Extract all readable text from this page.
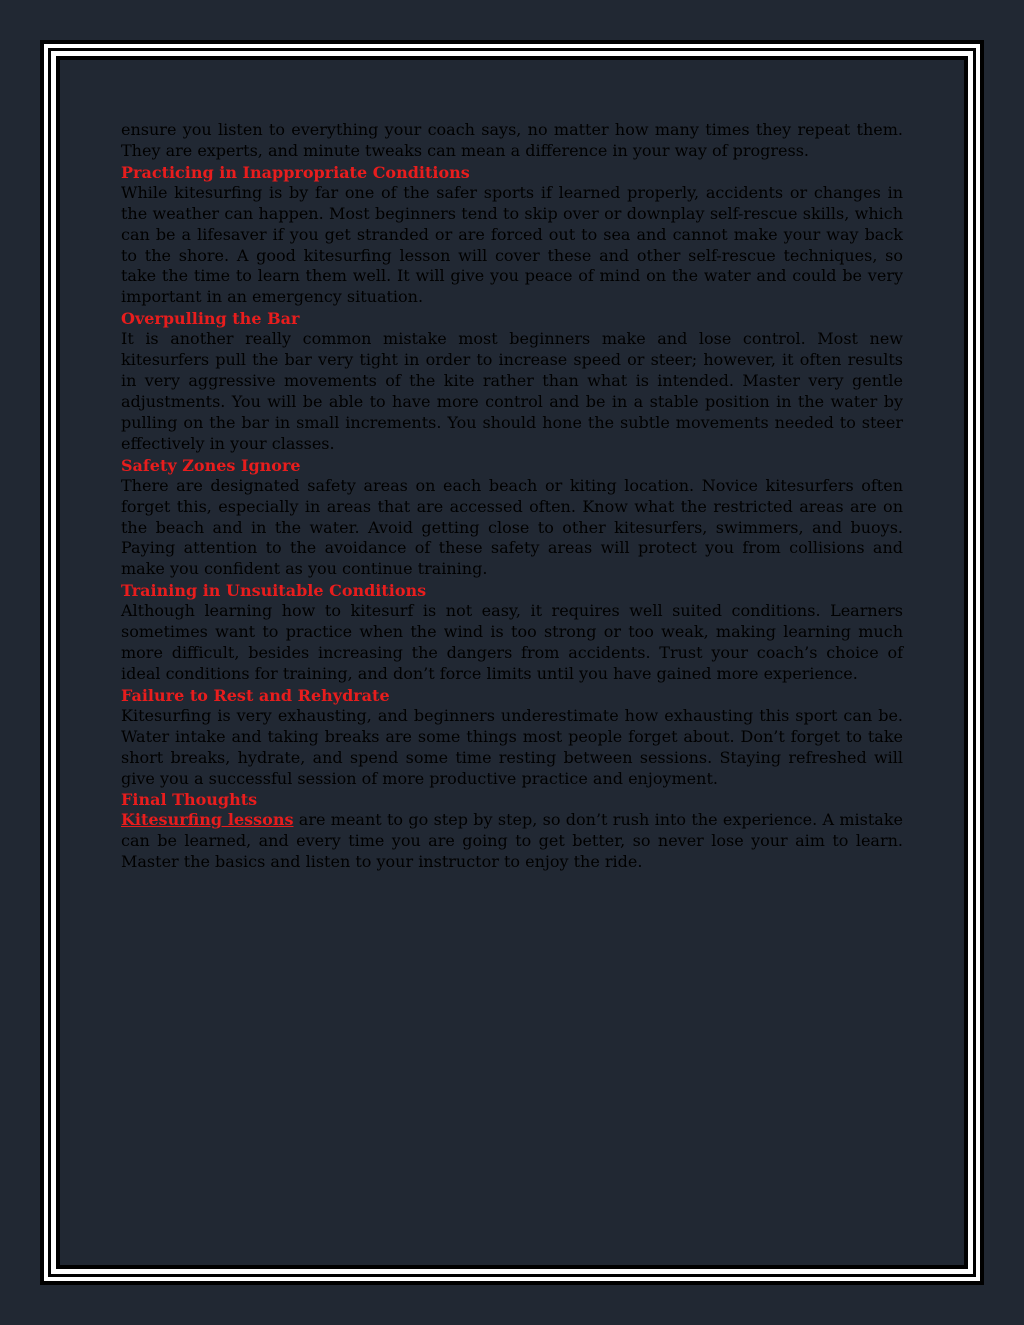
ensure you listen to everything your coach says, no matter how many times they repeat them. They are experts, and minute tweaks can mean a difference in your way of progress.

Practicing in Inappropriate Conditions

While kitesurfing is by far one of the safer sports if learned properly, accidents or changes in the weather can happen. Most beginners tend to skip over or downplay self-rescue skills, which can be a lifesaver if you get stranded or are forced out to sea and cannot make your way back to the shore. A good kitesurfing lesson will cover these and other self-rescue techniques, so take the time to learn them well. It will give you peace of mind on the water and could be very important in an emergency situation.

Overpulling the Bar

It is another really common mistake most beginners make and lose control. Most new kitesurfers pull the bar very tight in order to increase speed or steer; however, it often results in very aggressive movements of the kite rather than what is intended. Master very gentle adjustments. You will be able to have more control and be in a stable position in the water by pulling on the bar in small increments. You should hone the subtle movements needed to steer effectively in your classes.

Safety Zones Ignore

There are designated safety areas on each beach or kiting location. Novice kitesurfers often forget this, especially in areas that are accessed often. Know what the restricted areas are on the beach and in the water. Avoid getting close to other kitesurfers, swimmers, and buoys. Paying attention to the avoidance of these safety areas will protect you from collisions and make you confident as you continue training.

Training in Unsuitable Conditions

Although learning how to kitesurf is not easy, it requires well suited conditions. Learners sometimes want to practice when the wind is too strong or too weak, making learning much more difficult, besides increasing the dangers from accidents. Trust your coach’s choice of ideal conditions for training, and don’t force limits until you have gained more experience.

Failure to Rest and Rehydrate

Kitesurfing is very exhausting, and beginners underestimate how exhausting this sport can be. Water intake and taking breaks are some things most people forget about. Don’t forget to take short breaks, hydrate, and spend some time resting between sessions. Staying refreshed will give you a successful session of more productive practice and enjoyment.

Final Thoughts

Kitesurfing lessons are meant to go step by step, so don’t rush into the experience. A mistake can be learned, and every time you are going to get better, so never lose your aim to learn. Master the basics and listen to your instructor to enjoy the ride.
